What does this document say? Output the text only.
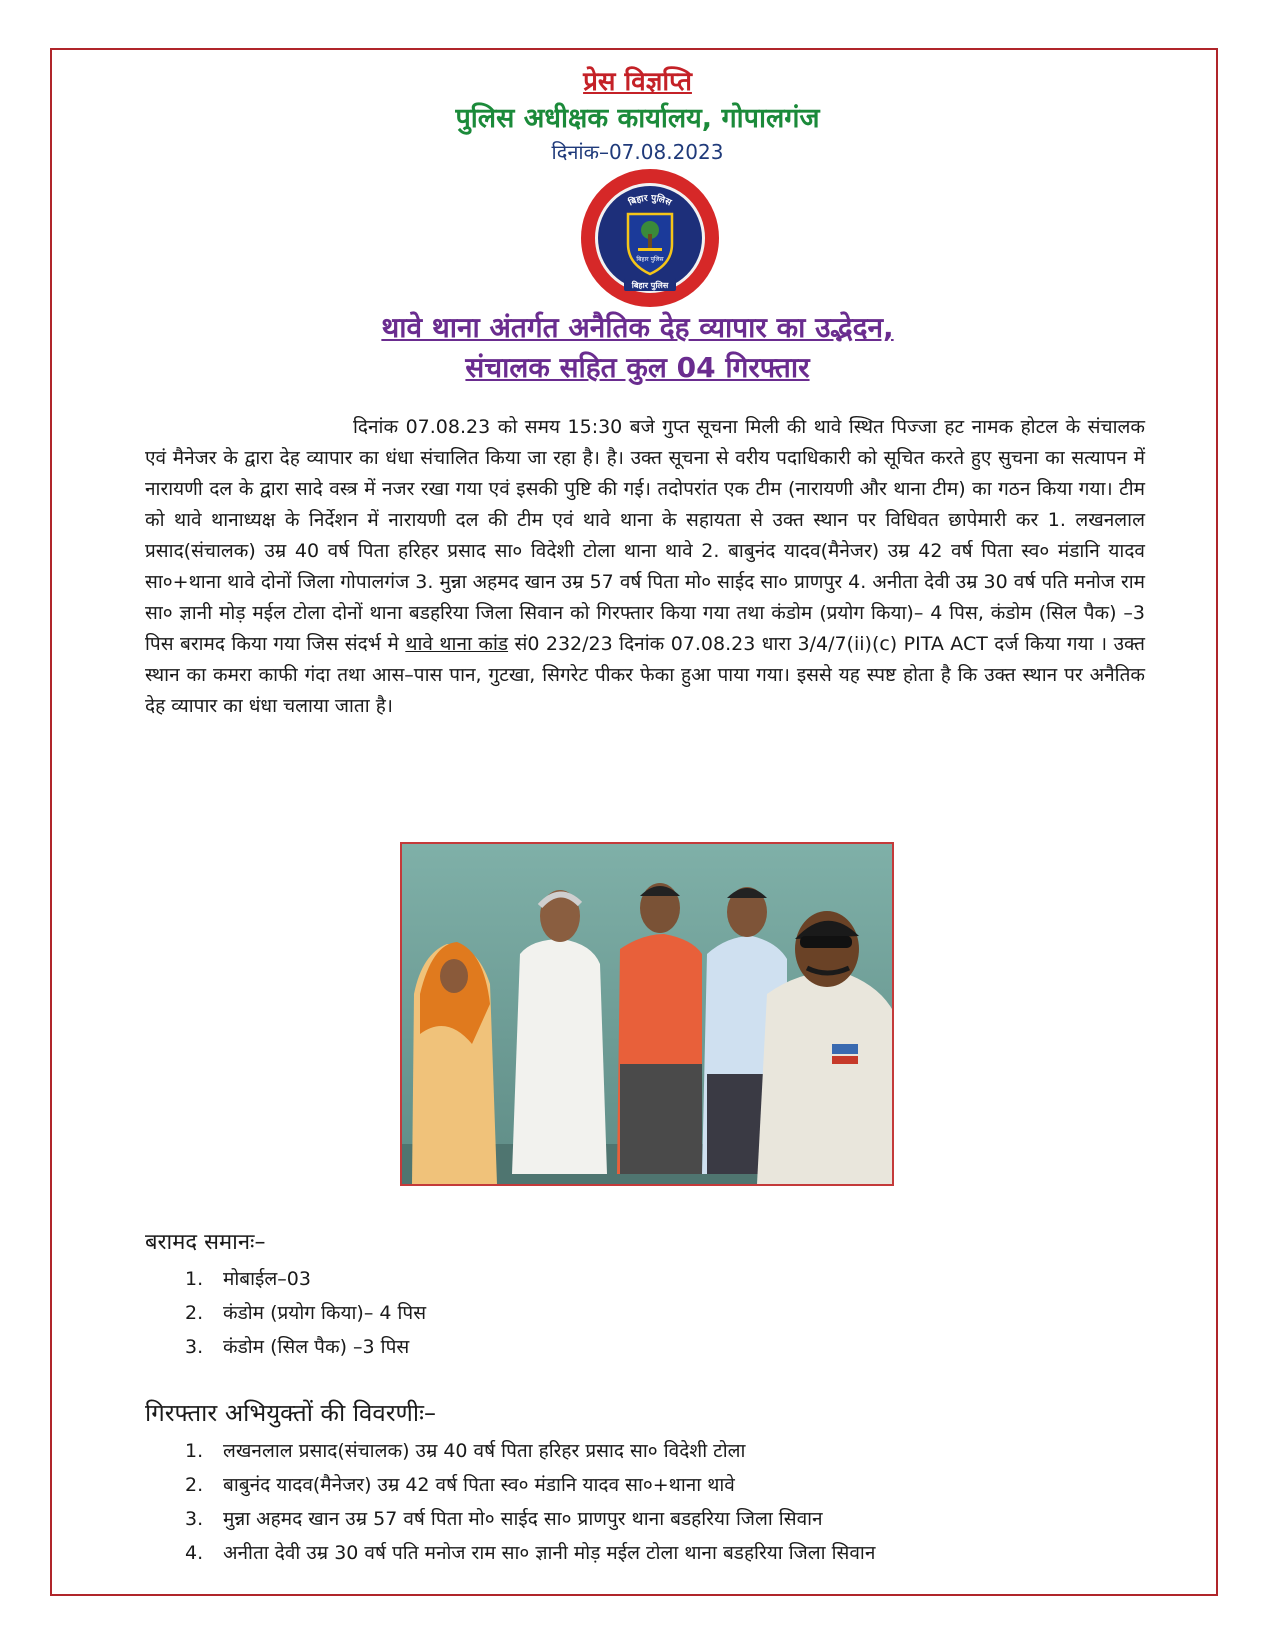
प्रेस विज्ञप्ति
पुलिस अधीक्षक कार्यालय, गोपालगंज
दिनांक–07.08.2023
बिहार पुलिस
बिहार पुलिस
बिहार पुलिस
थावे थाना अंतर्गत अनैतिक देह व्यापार का उद्भेदन,
संचालक सहित कुल 04 गिरफ्तार
दिनांक 07.08.23 को समय 15:30 बजे गुप्त सूचना मिली की थावे स्थित पिज्जा हट नामक होटल के संचालक एवं मैनेजर के द्वारा देह व्यापार का धंधा संचालित किया जा रहा है। है। उक्त सूचना से वरीय पदाधिकारी को सूचित करते हुए सुचना का सत्यापन में नारायणी दल के द्वारा सादे वस्त्र में नजर रखा गया एवं इसकी पुष्टि की गई। तदोपरांत एक टीम (नारायणी और थाना टीम) का गठन किया गया। टीम को थावे थानाध्यक्ष के निर्देशन में नारायणी दल की टीम एवं थावे थाना के सहायता से उक्त स्थान पर विधिवत छापेमारी कर 1. लखनलाल प्रसाद(संचालक) उम्र 40 वर्ष पिता हरिहर प्रसाद सा० विदेशी टोला थाना थावे 2. बाबुनंद यादव(मैनेजर) उम्र 42 वर्ष पिता स्व० मंडानि यादव सा०+थाना थावे दोनों जिला गोपालगंज 3. मुन्ना अहमद खान उम्र 57 वर्ष पिता मो० साईद सा० प्राणपुर 4. अनीता देवी उम्र 30 वर्ष पति मनोज राम सा० ज्ञानी मोड़ मईल टोला दोनों थाना बडहरिया जिला सिवान को गिरफ्तार किया गया तथा कंडोम (प्रयोग किया)– 4 पिस, कंडोम (सिल पैक) –3 पिस बरामद किया गया जिस संदर्भ मे थावे थाना कांड सं0 232/23 दिनांक 07.08.23 धारा 3/4/7(ii)(c) PITA ACT दर्ज किया गया । उक्त स्थान का कमरा काफी गंदा तथा आस–पास पान, गुटखा, सिगरेट पीकर फेका हुआ पाया गया। इससे यह स्पष्ट होता है कि उक्त स्थान पर अनैतिक देह व्यापार का धंधा चलाया जाता है।
बरामद समानः–
1. मोबाईल–03
2. कंडोम (प्रयोग किया)– 4 पिस
3. कंडोम (सिल पैक) –3 पिस
गिरफ्तार अभियुक्तों की विवरणीः–
1. लखनलाल प्रसाद(संचालक) उम्र 40 वर्ष पिता हरिहर प्रसाद सा० विदेशी टोला
2. बाबुनंद यादव(मैनेजर) उम्र 42 वर्ष पिता स्व० मंडानि यादव सा०+थाना थावे
3. मुन्ना अहमद खान उम्र 57 वर्ष पिता मो० साईद सा० प्राणपुर थाना बडहरिया जिला सिवान
4. अनीता देवी उम्र 30 वर्ष पति मनोज राम सा० ज्ञानी मोड़ मईल टोला थाना बडहरिया जिला सिवान
